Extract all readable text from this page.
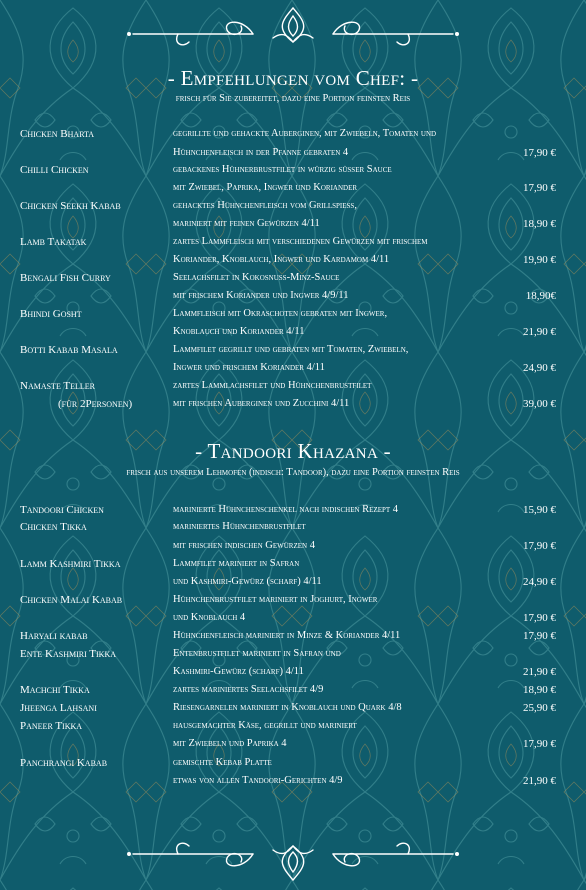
- Empfehlungen vom Chef: -
frisch für Sie zubereitet, dazu eine Portion feinsten Reis
Chicken Bharta	gegrillte und gehackte Auberginen, mit Zwiebeln, Tomaten und
Hühnchenfleisch in der Pfanne gebraten 4	17,90 €
Chilli Chicken	gebackenes Hühnerbrustfilet in würzig süßer Sauce
mit Zwiebel, Paprika, Ingwer und Koriander	17,90 €
Chicken Seekh Kabab	gehacktes Hühnchenfleisch vom Grillspiess,
mariniert mit feinen Gewürzen 4/11	18,90 €
Lamb Takatak	zartes Lammfleisch mit verschiedenen Gewürzen mit frischem
Koriander, Knoblauch, Ingwer und Kardamom 4/11	19,90 €
Bengali Fish Curry	Seelachsfilet in Kokosnuss-Minz-Sauce
mit frischem Koriander und Ingwer 4/9/11	18,90€
Bhindi Gosht	Lammfleisch mit Okraschoten gebraten mit Ingwer,
Knoblauch und Koriander 4/11	21,90 €
Botti Kabab Masala	Lammfilet gegrillt und gebraten mit Tomaten, Zwiebeln,
Ingwer und frischem Koriander 4/11	24,90 €
Namaste Teller	zartes Lammlachsfilet und Hühnchenbrustfilet
(für 2Personen)	mit frischen Auberginen und Zucchini 4/11	39,00 €
- Tandoori Khazana -
frisch aus unserem Lehmofen (indisch: Tandoor), dazu eine Portion feinsten Reis
Tandoori Chicken	marinierte Hühnchenschenkel nach indischen Rezept 4	15,90 €
Chicken Tikka	mariniertes Hühnchenbrustfilet
mit frischen indischen Gewürzen 4	17,90 €
Lamm Kashmiri Tikka	Lammfilet mariniert in Safran
und Kashmiri-Gewürz (scharf) 4/11	24,90 €
Chicken Malai Kabab	Hühnchenbrustfilet mariniert in Joghurt, Ingwer
und Knoblauch 4	17,90 €
Haryali kabab	Hühnchenfleisch mariniert in Minze & Koriander 4/11	17,90 €
Ente Kashmiri Tikka	Entenbrustfilet mariniert in Safran und
Kashmiri-Gewürz (scharf) 4/11	21,90 €
Machchi Tikka	zartes mariniertes Seelachsfilet 4/9	18,90 €
Jheenga Lahsani	Riesengarnelen mariniert in Knoblauch und Quark 4/8	25,90 €
Paneer Tikka	hausgemachter Käse, gegrillt und mariniert
mit Zwiebeln und Paprika 4	17,90 €
Panchrangi Kabab	gemischte Kebab Platte
etwas von allen Tandoori-Gerichten 4/9	21,90 €
